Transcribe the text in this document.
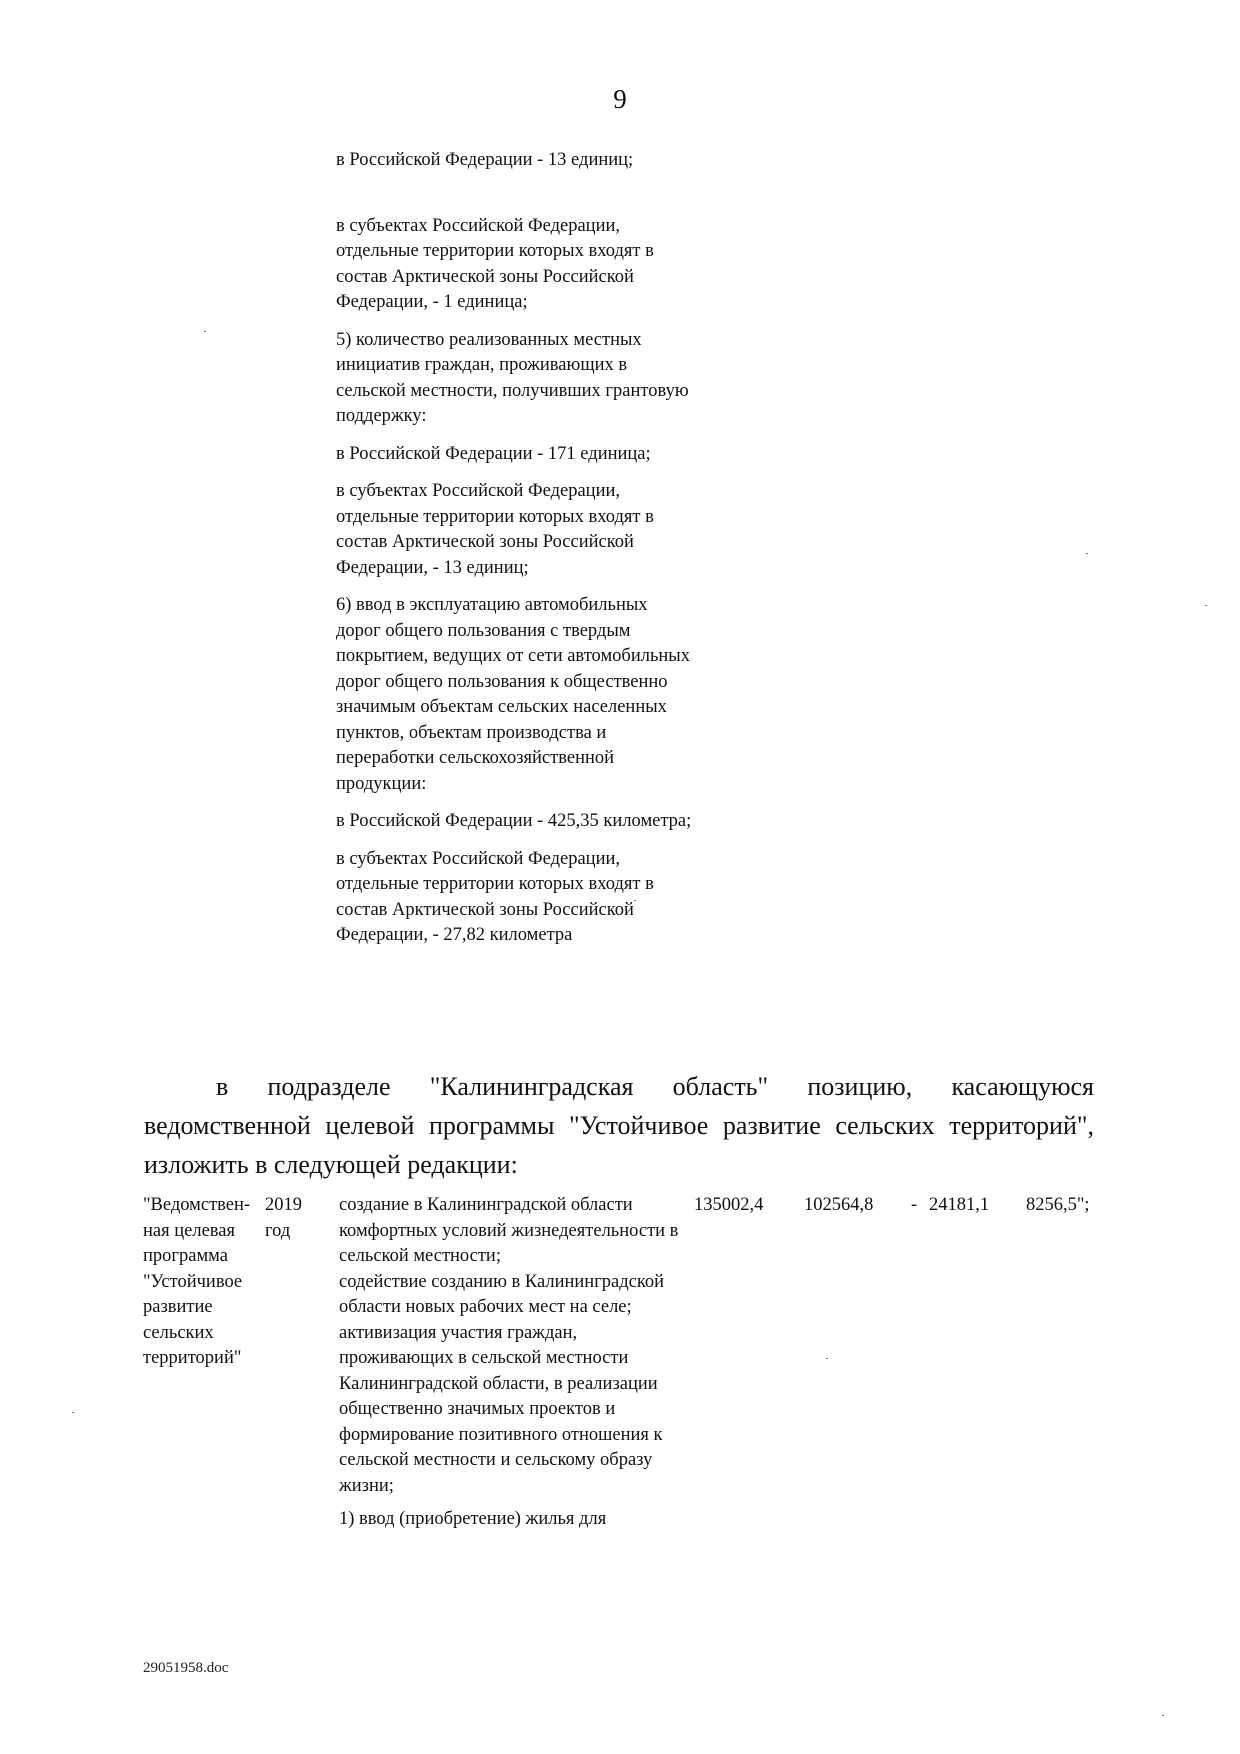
9

в Российской Федерации - 13 единиц;

в субъектах Российской Федерации, отдельные территории которых входят в состав Арктической зоны Российской Федерации, - 1 единица;

5) количество реализованных местных инициатив граждан, проживающих в сельской местности, получивших грантовую поддержку:

в Российской Федерации - 171 единица;

в субъектах Российской Федерации, отдельные территории которых входят в состав Арктической зоны Российской Федерации, - 13 единиц;

6) ввод в эксплуатацию автомобильных дорог общего пользования с твердым покрытием, ведущих от сети автомобильных дорог общего пользования к общественно значимым объектам сельских населенных пунктов, объектам производства и переработки сельскохозяйственной продукции:

в Российской Федерации - 425,35 километра;

в субъектах Российской Федерации, отдельные территории которых входят в состав Арктической зоны Российской Федерации, - 27,82 километра

в подразделе "Калининградская область" позицию, касающуюся ведомственной целевой программы "Устойчивое развитие сельских территорий", изложить в следующей редакции:

"Ведомствен-ная целевая программа "Устойчивое развитие сельских территорий"
2019 год

создание в Калининградской области комфортных условий жизнедеятельности в сельской местности;

содействие созданию в Калининградской области новых рабочих мест на селе;

активизация участия граждан, проживающих в сельской местности Калининградской области, в реализации общественно значимых проектов и формирование позитивного отношения к сельской местности и сельскому образу жизни;

1) ввод (приобретение) жилья для

135002,4 102564,8 - 24181,1 8256,5";
29051958.doc
